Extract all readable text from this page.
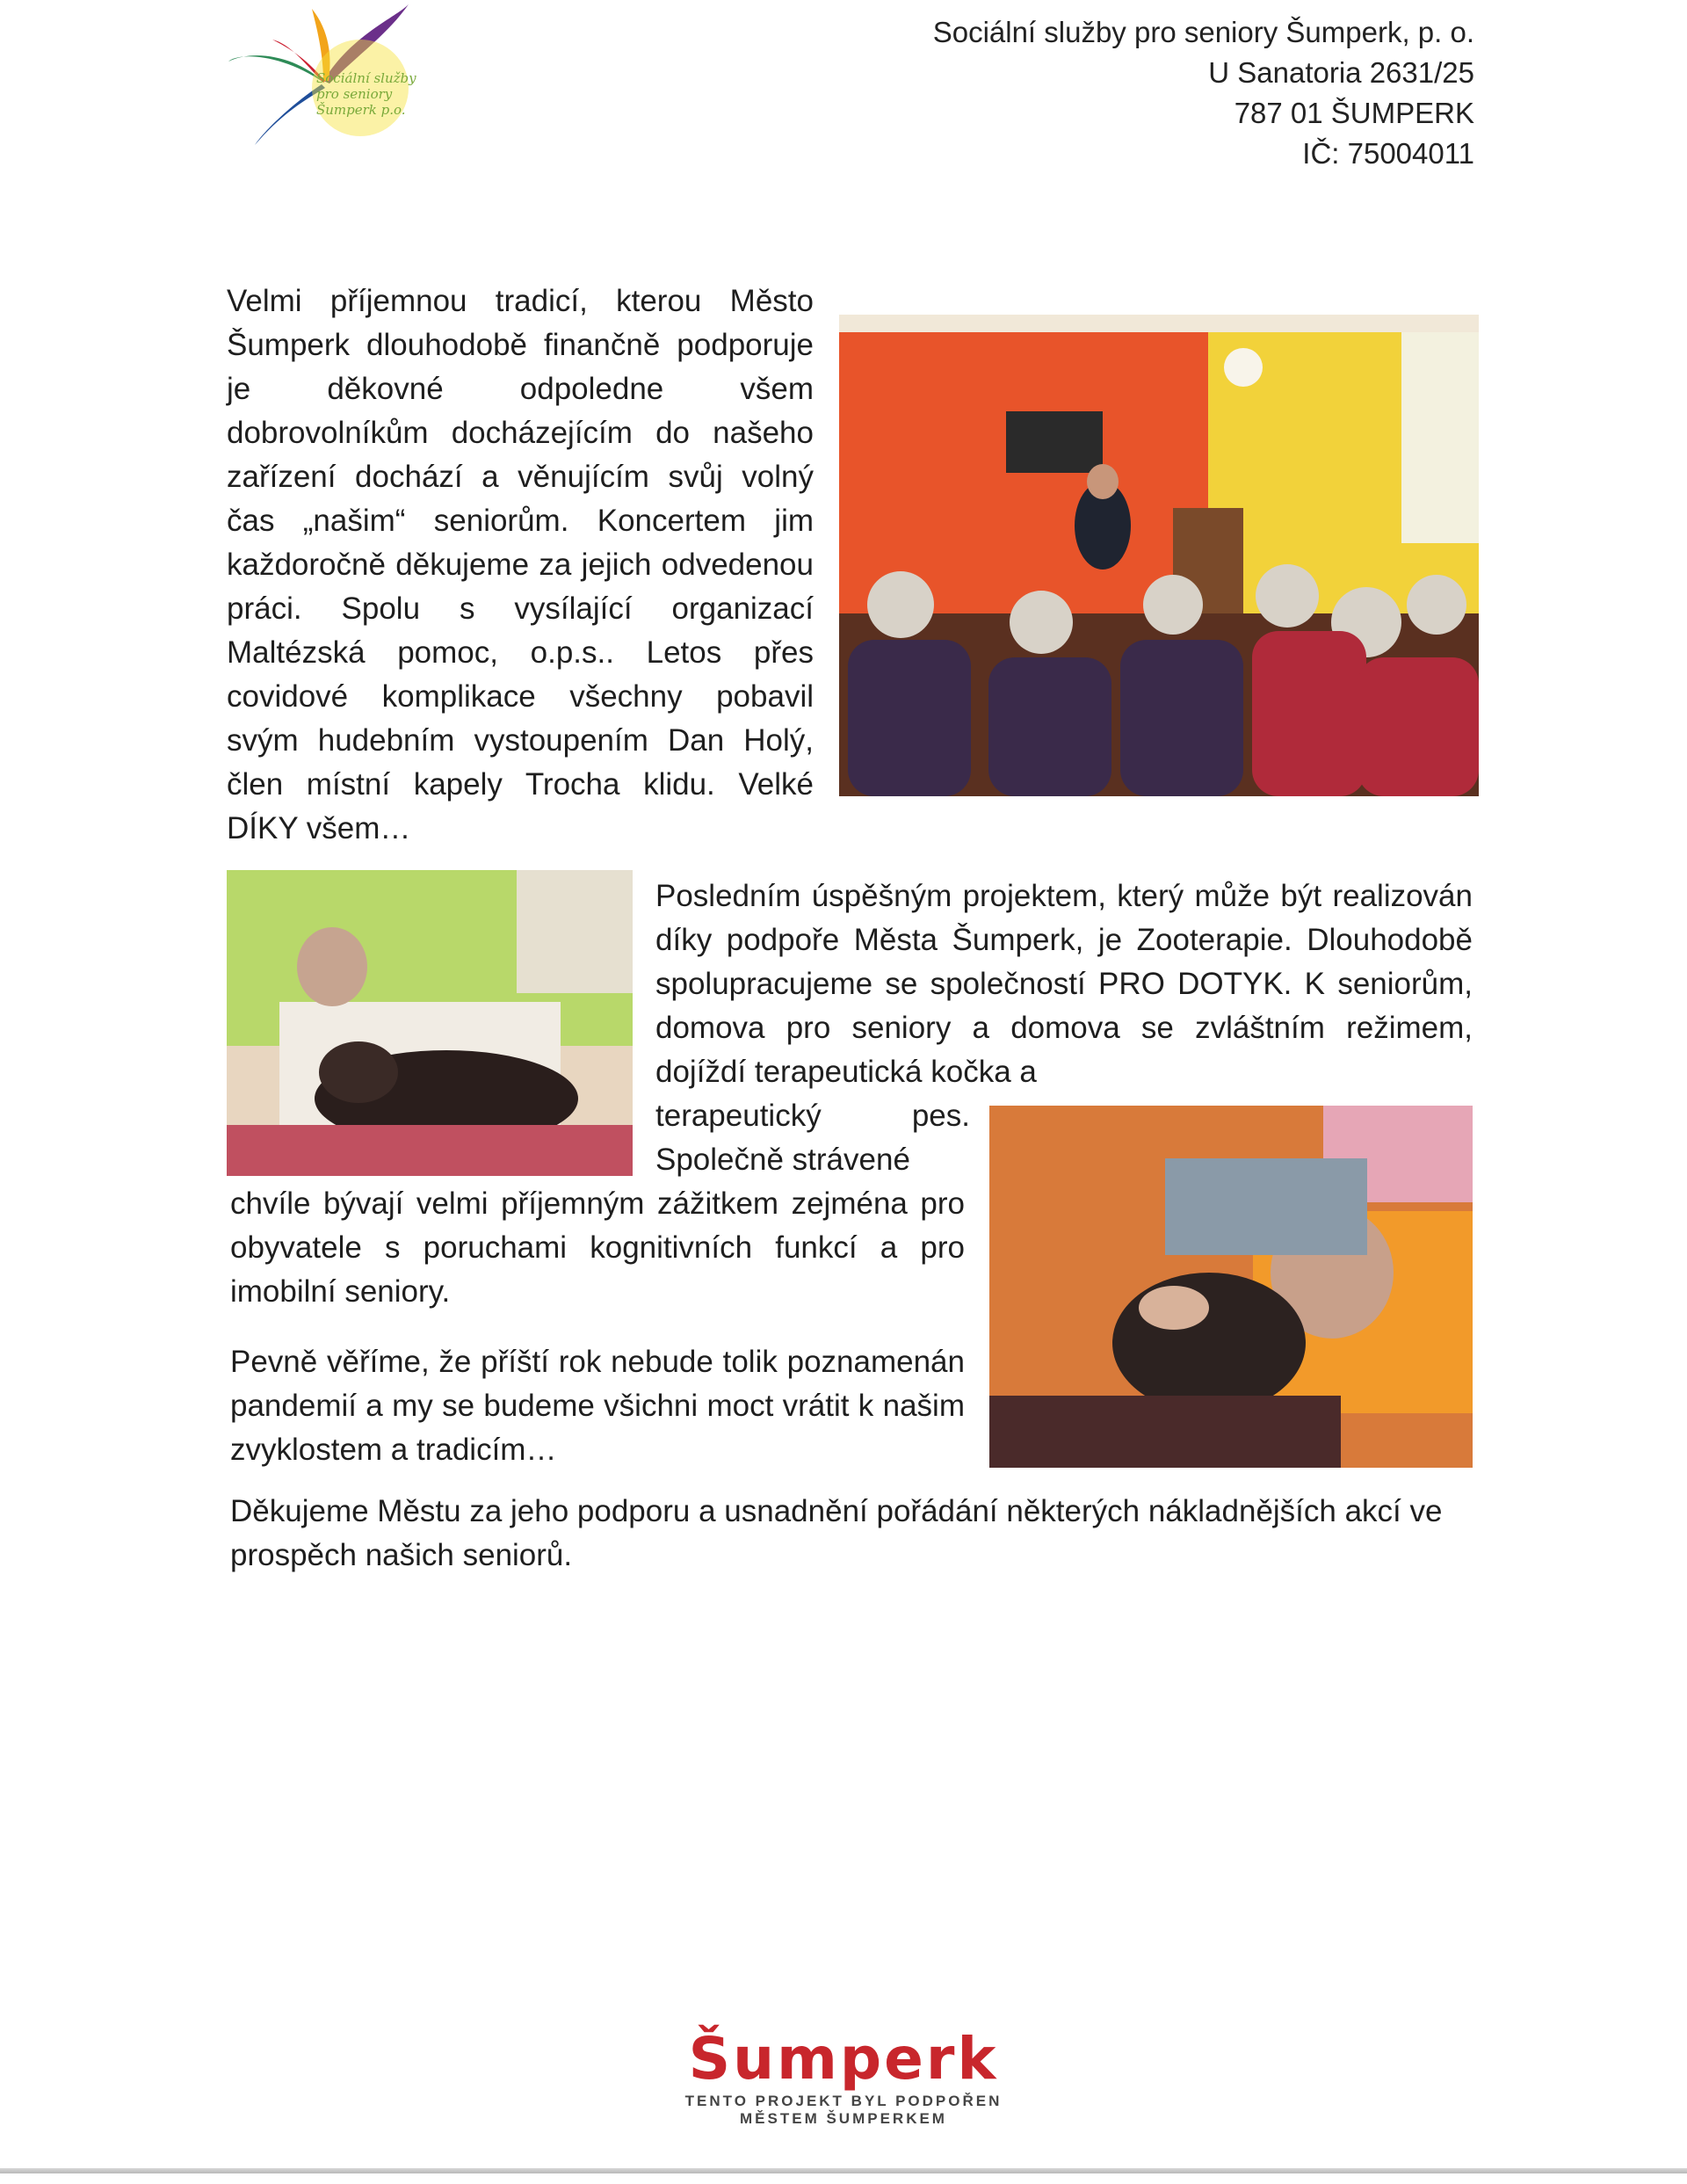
Sociální služby
pro seniory
Šumperk p.o.
Sociální služby pro seniory Šumperk, p. o.
U Sanatoria 2631/25
787 01 ŠUMPERK
IČ: 75004011
Velmi příjemnou tradicí, kterou Město Šumperk dlouhodobě finančně podporuje je děkovné odpoledne všem dobrovolníkům docházejícím do našeho zařízení dochází a věnujícím svůj volný čas „našim“ seniorům. Koncertem jim každoročně děkujeme za jejich odvedenou práci. Spolu s vysílající organizací Maltézská pomoc, o.p.s.. Letos přes covidové komplikace všechny pobavil svým hudebním vystoupením Dan Holý, člen místní kapely Trocha klidu. Velké DÍKY všem…
Posledním úspěšným projektem, který může být realizován díky podpoře Města Šumperk, je Zooterapie. Dlouhodobě spolupracujeme se společností PRO DOTYK. K seniorům, domova pro seniory a domova se zvláštním režimem, dojíždí terapeutická kočka a
terapeutický pes. Společně strávené
chvíle bývají velmi příjemným zážitkem zejména pro obyvatele s poruchami kognitivních funkcí a pro imobilní seniory.
Pevně věříme, že příští rok nebude tolik poznamenán pandemií a my se budeme všichni moct vrátit k našim zvyklostem a tradicím…
Děkujeme Městu za jeho podporu a usnadnění pořádání některých nákladnějších akcí ve prospěch našich seniorů.
Šumperk
TENTO PROJEKT BYL PODPOŘEN
MĚSTEM ŠUMPERKEM
